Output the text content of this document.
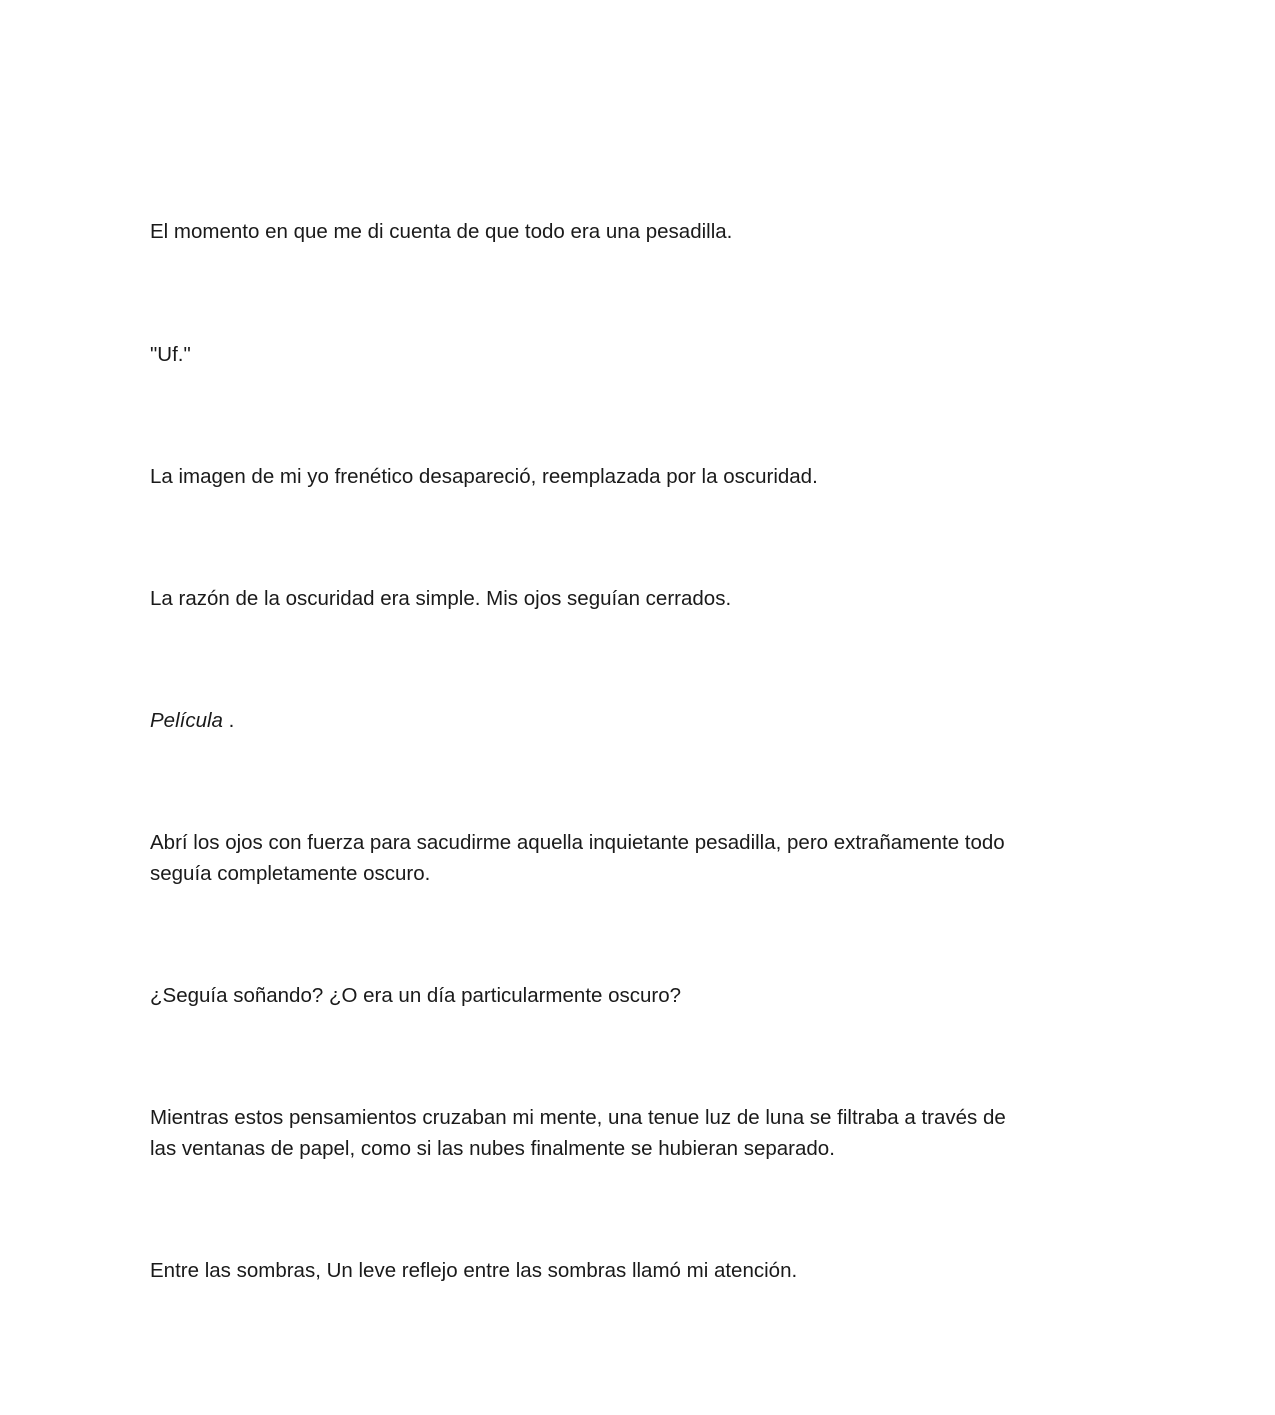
El momento en que me di cuenta de que todo era una pesadilla.

"Uf."

La imagen de mi yo frenético desapareció, reemplazada por la oscuridad.

La razón de la oscuridad era simple. Mis ojos seguían cerrados.

Película .

Abrí los ojos con fuerza para sacudirme aquella inquietante pesadilla, pero extrañamente todo
seguía completamente oscuro.

¿Seguía soñando? ¿O era un día particularmente oscuro?

Mientras estos pensamientos cruzaban mi mente, una tenue luz de luna se filtraba a través de
las ventanas de papel, como si las nubes finalmente se hubieran separado.

Entre las sombras, Un leve reflejo entre las sombras llamó mi atención.
